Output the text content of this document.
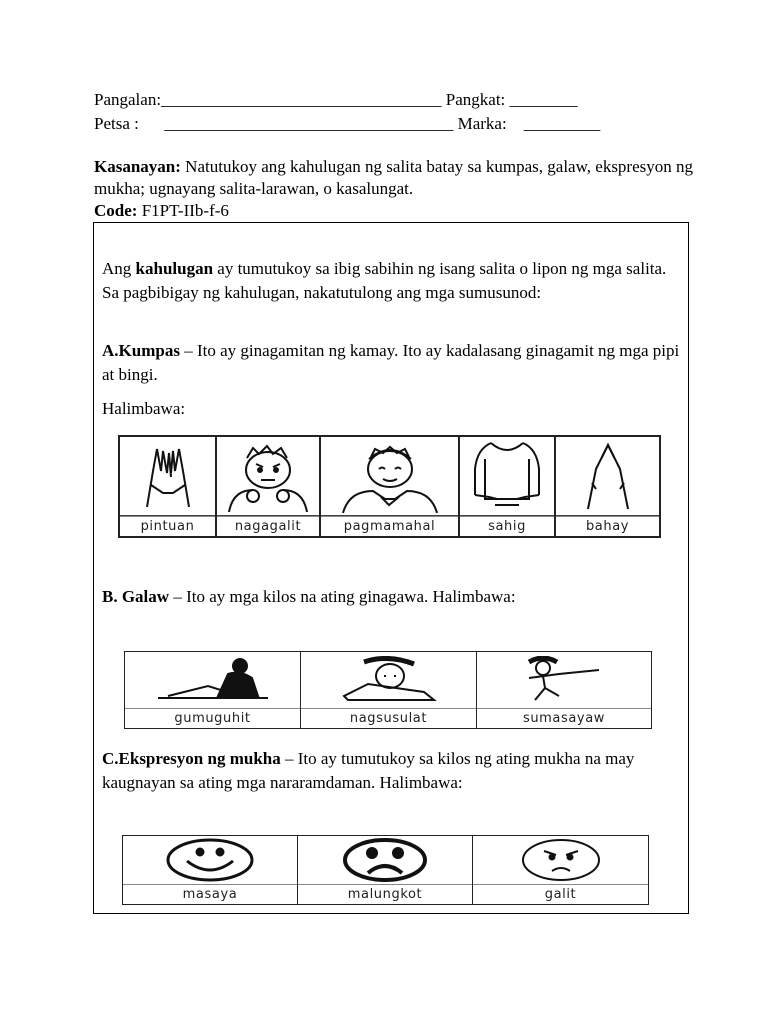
Pangalan:_________________________________ Pangkat: ________
Petsa :      __________________________________ Marka:    _________
Kasanayan: Natutukoy ang kahulugan ng salita batay sa kumpas, galaw, ekspresyon ng mukha; ugnayang salita-larawan, o kasalungat.
Code: F1PT-IIb-f-6
Ang kahulugan ay tumutukoy sa ibig sabihin ng isang salita o lipon ng mga salita. Sa pagbibigay ng kahulugan, nakatutulong ang mga sumusunod:
A.Kumpas – Ito ay ginagamitan ng kamay. Ito ay kadalasang ginagamit ng mga pipi at bingi.
Halimbawa:
pintuan	nagagalit	pagmamahal	sahig	bahay
B. Galaw – Ito ay mga kilos na ating ginagawa. Halimbawa:
gumuguhit	nagsusulat	sumasayaw
C.Ekspresyon ng mukha – Ito ay tumutukoy sa kilos ng ating mukha na may kaugnayan sa ating mga nararamdaman. Halimbawa:
masaya	malungkot	galit
